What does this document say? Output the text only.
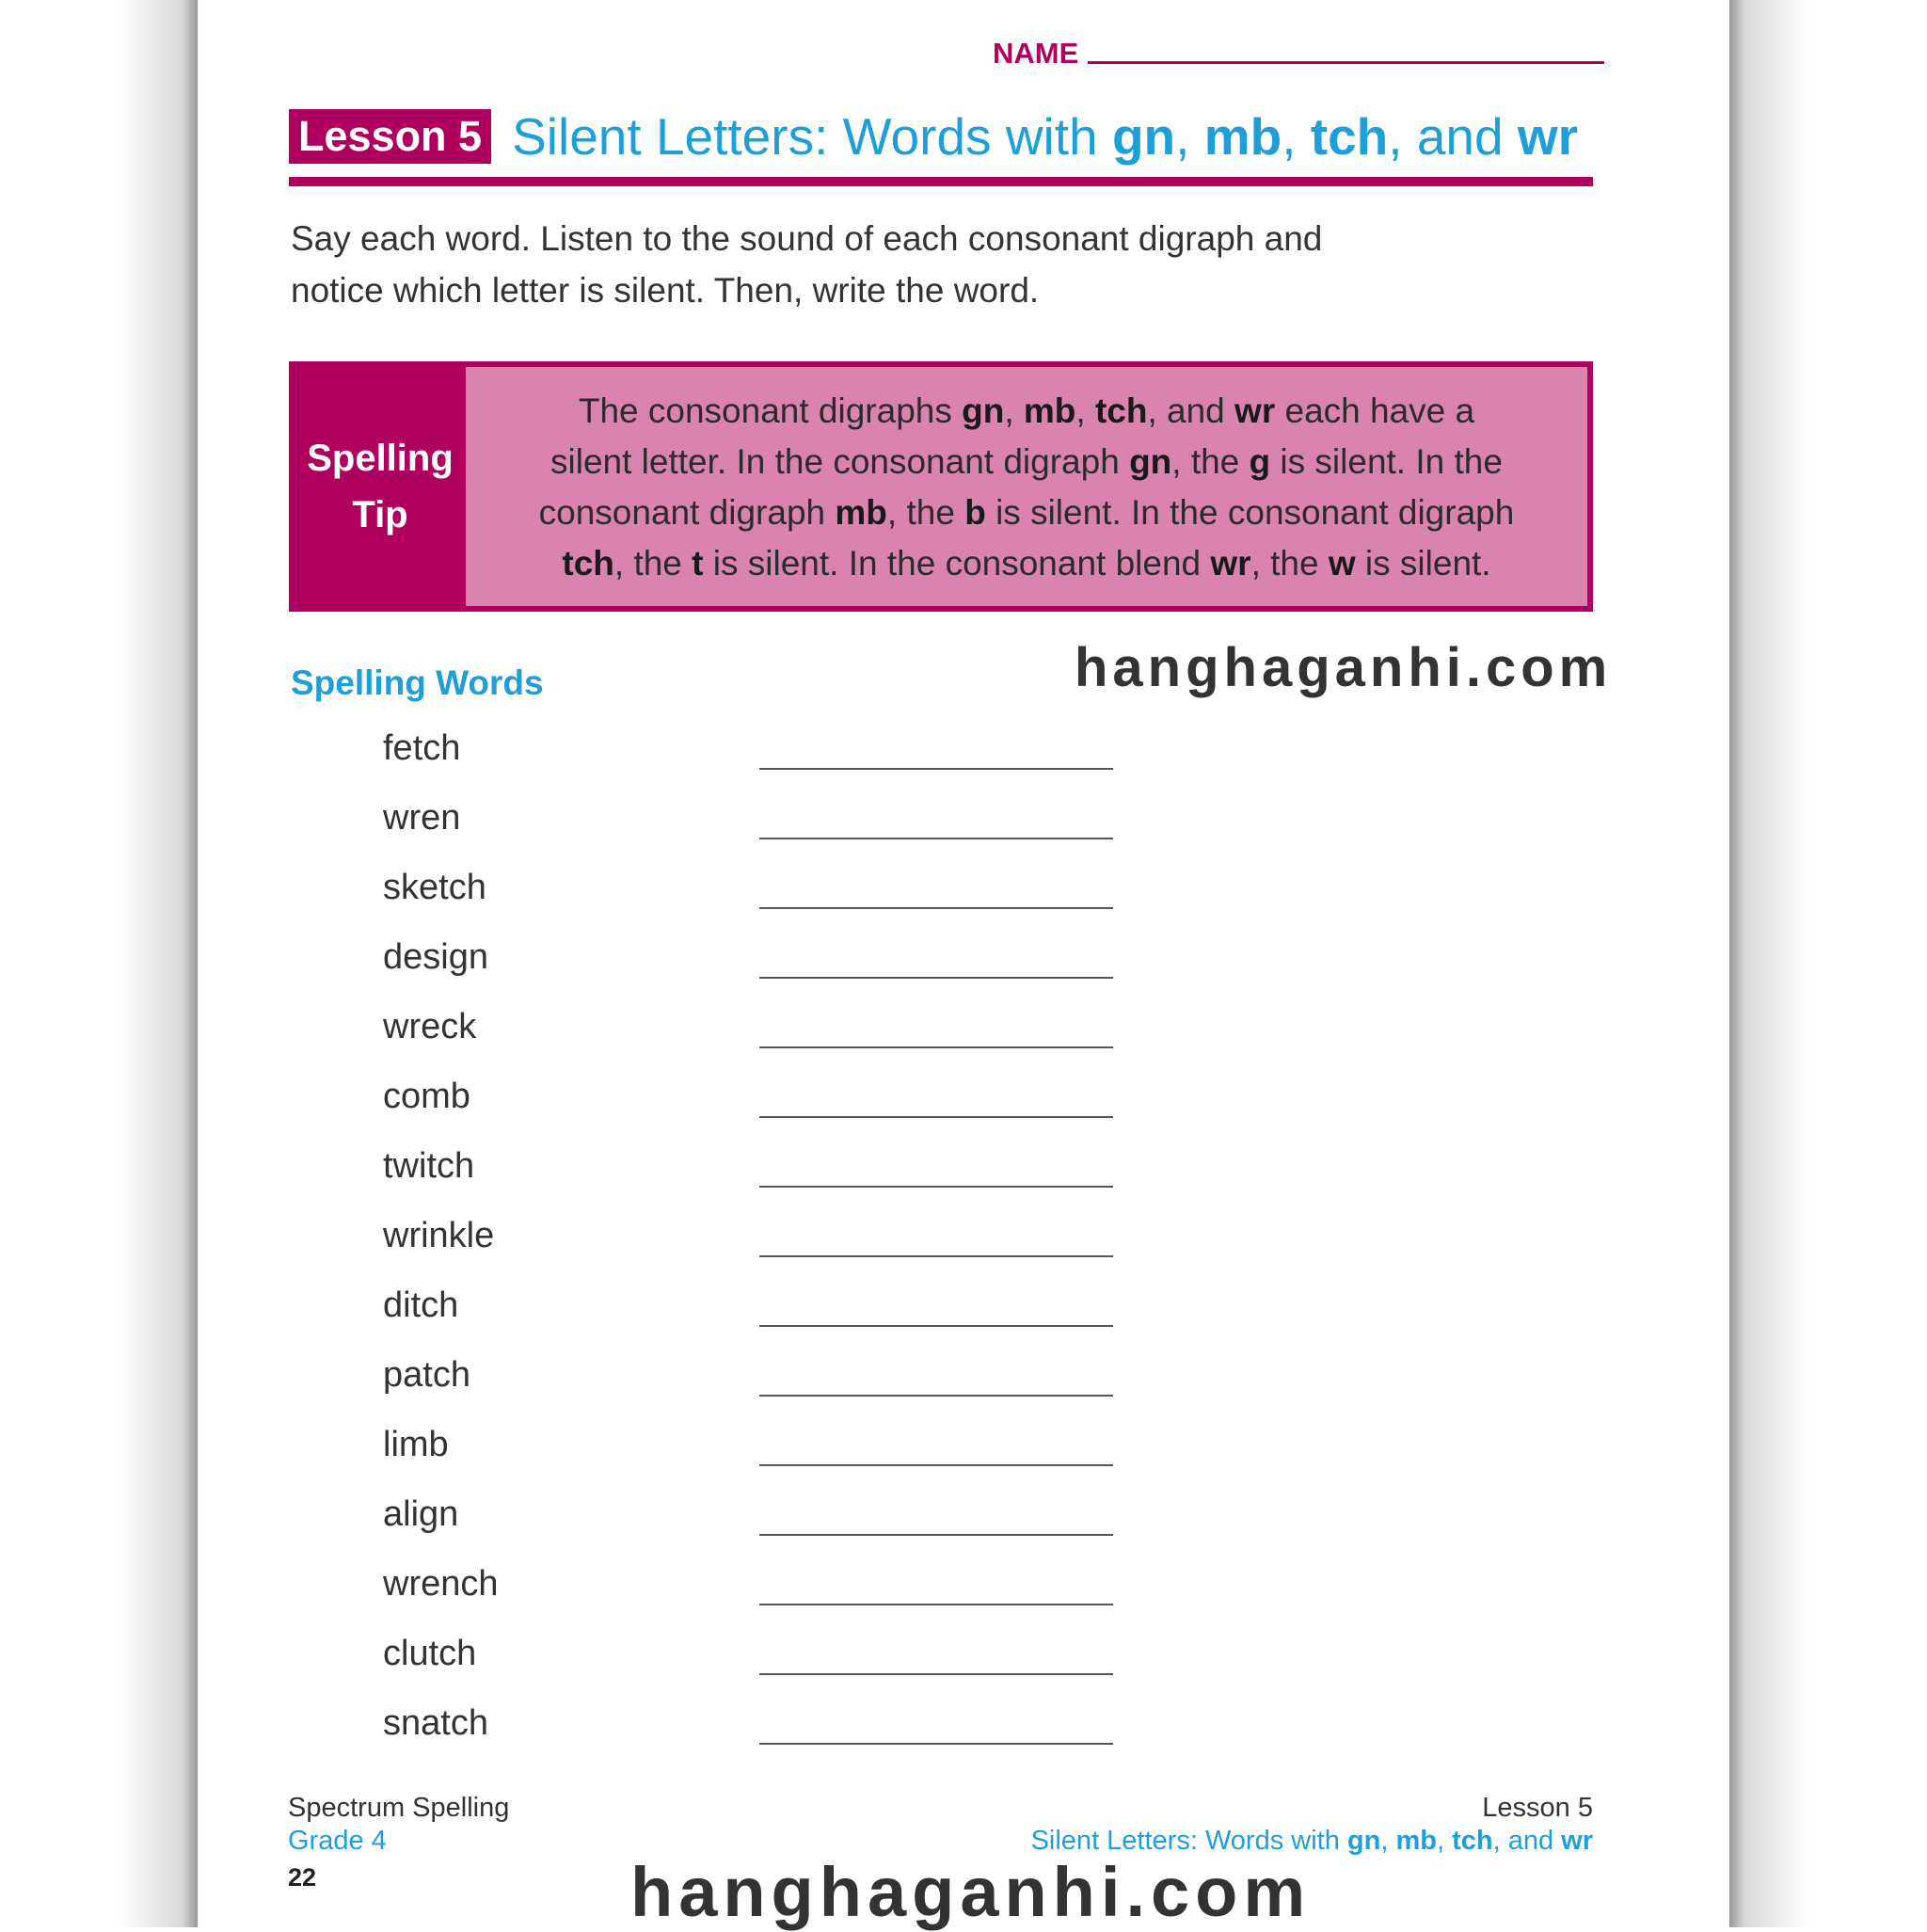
NAME
Lesson 5 Silent Letters: Words with gn, mb, tch, and wr
Say each word. Listen to the sound of each consonant digraph and
notice which letter is silent. Then, write the word.
Spelling
Tip
The consonant digraphs gn, mb, tch, and wr each have a
silent letter. In the consonant digraph gn, the g is silent. In the
consonant digraph mb, the b is silent. In the consonant digraph
tch, the t is silent. In the consonant blend wr, the w is silent.
Spelling Words	hanghaganhi.com
fetch
wren
sketch
design
wreck
comb
twitch
wrinkle
ditch
patch
limb
align
wrench
clutch
snatch
Spectrum Spelling
Grade 4
22
Lesson 5
Silent Letters: Words with gn, mb, tch, and wr
hanghaganhi.com
